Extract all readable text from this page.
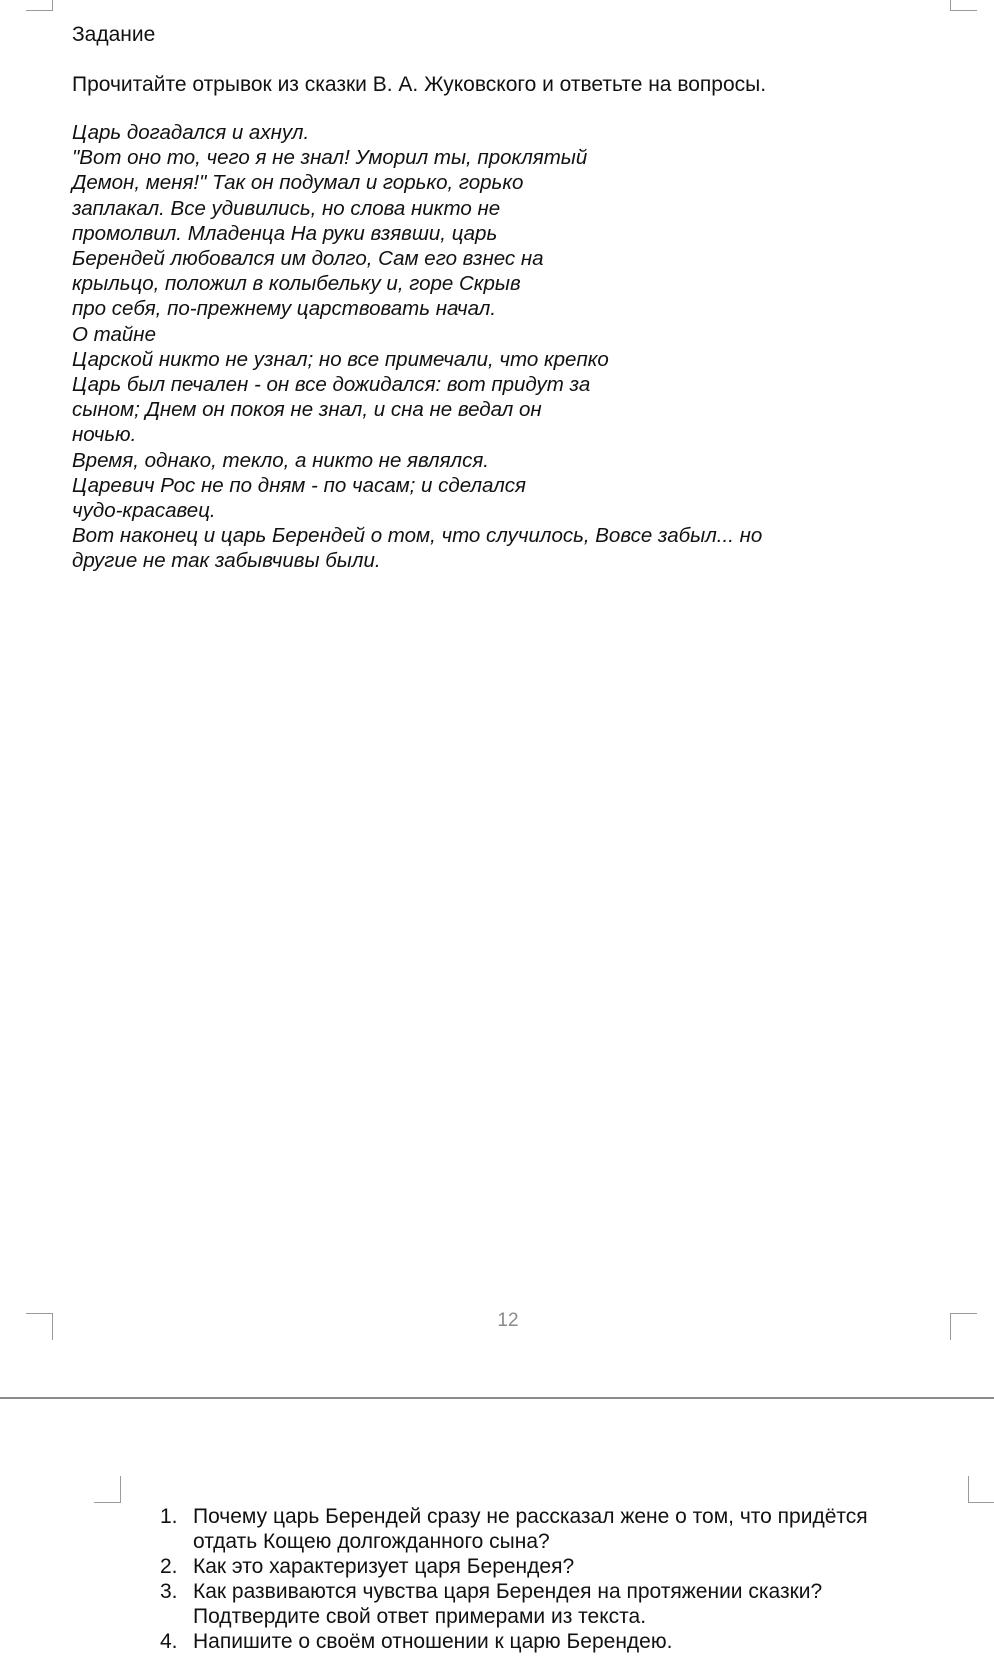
Задание

Прочитайте отрывок из сказки В. А. Жуковского и ответьте на вопросы.

Царь догадался и ахнул.
"Вот оно то, чего я не знал! Уморил ты, проклятый
Демон, меня!" Так он подумал и горько, горько
заплакал. Все удивились, но слова никто не
промолвил. Младенца На руки взявши, царь
Берендей любовался им долго, Сам его взнес на
крыльцо, положил в колыбельку и, горе Скрыв
про себя, по-прежнему царствовать начал.
О тайне
Царской никто не узнал; но все примечали, что крепко
Царь был печален - он все дожидался: вот придут за
сыном; Днем он покоя не знал, и сна не ведал он
ночью.
Время, однако, текло, а никто не являлся.
Царевич Рос не по дням - по часам; и сделался
чудо-красавец.
Вот наконец и царь Берендей о том, что случилось, Вовсе забыл... но
другие не так забывчивы были.
12
1. Почему царь Берендей сразу не рассказал жене о том, что придётся
отдать Кощею долгожданного сына?
2. Как это характеризует царя Берендея?
3. Как развиваются чувства царя Берендея на протяжении сказки?
Подтвердите свой ответ примерами из текста.
4. Напишите о своём отношении к царю Берендею.
